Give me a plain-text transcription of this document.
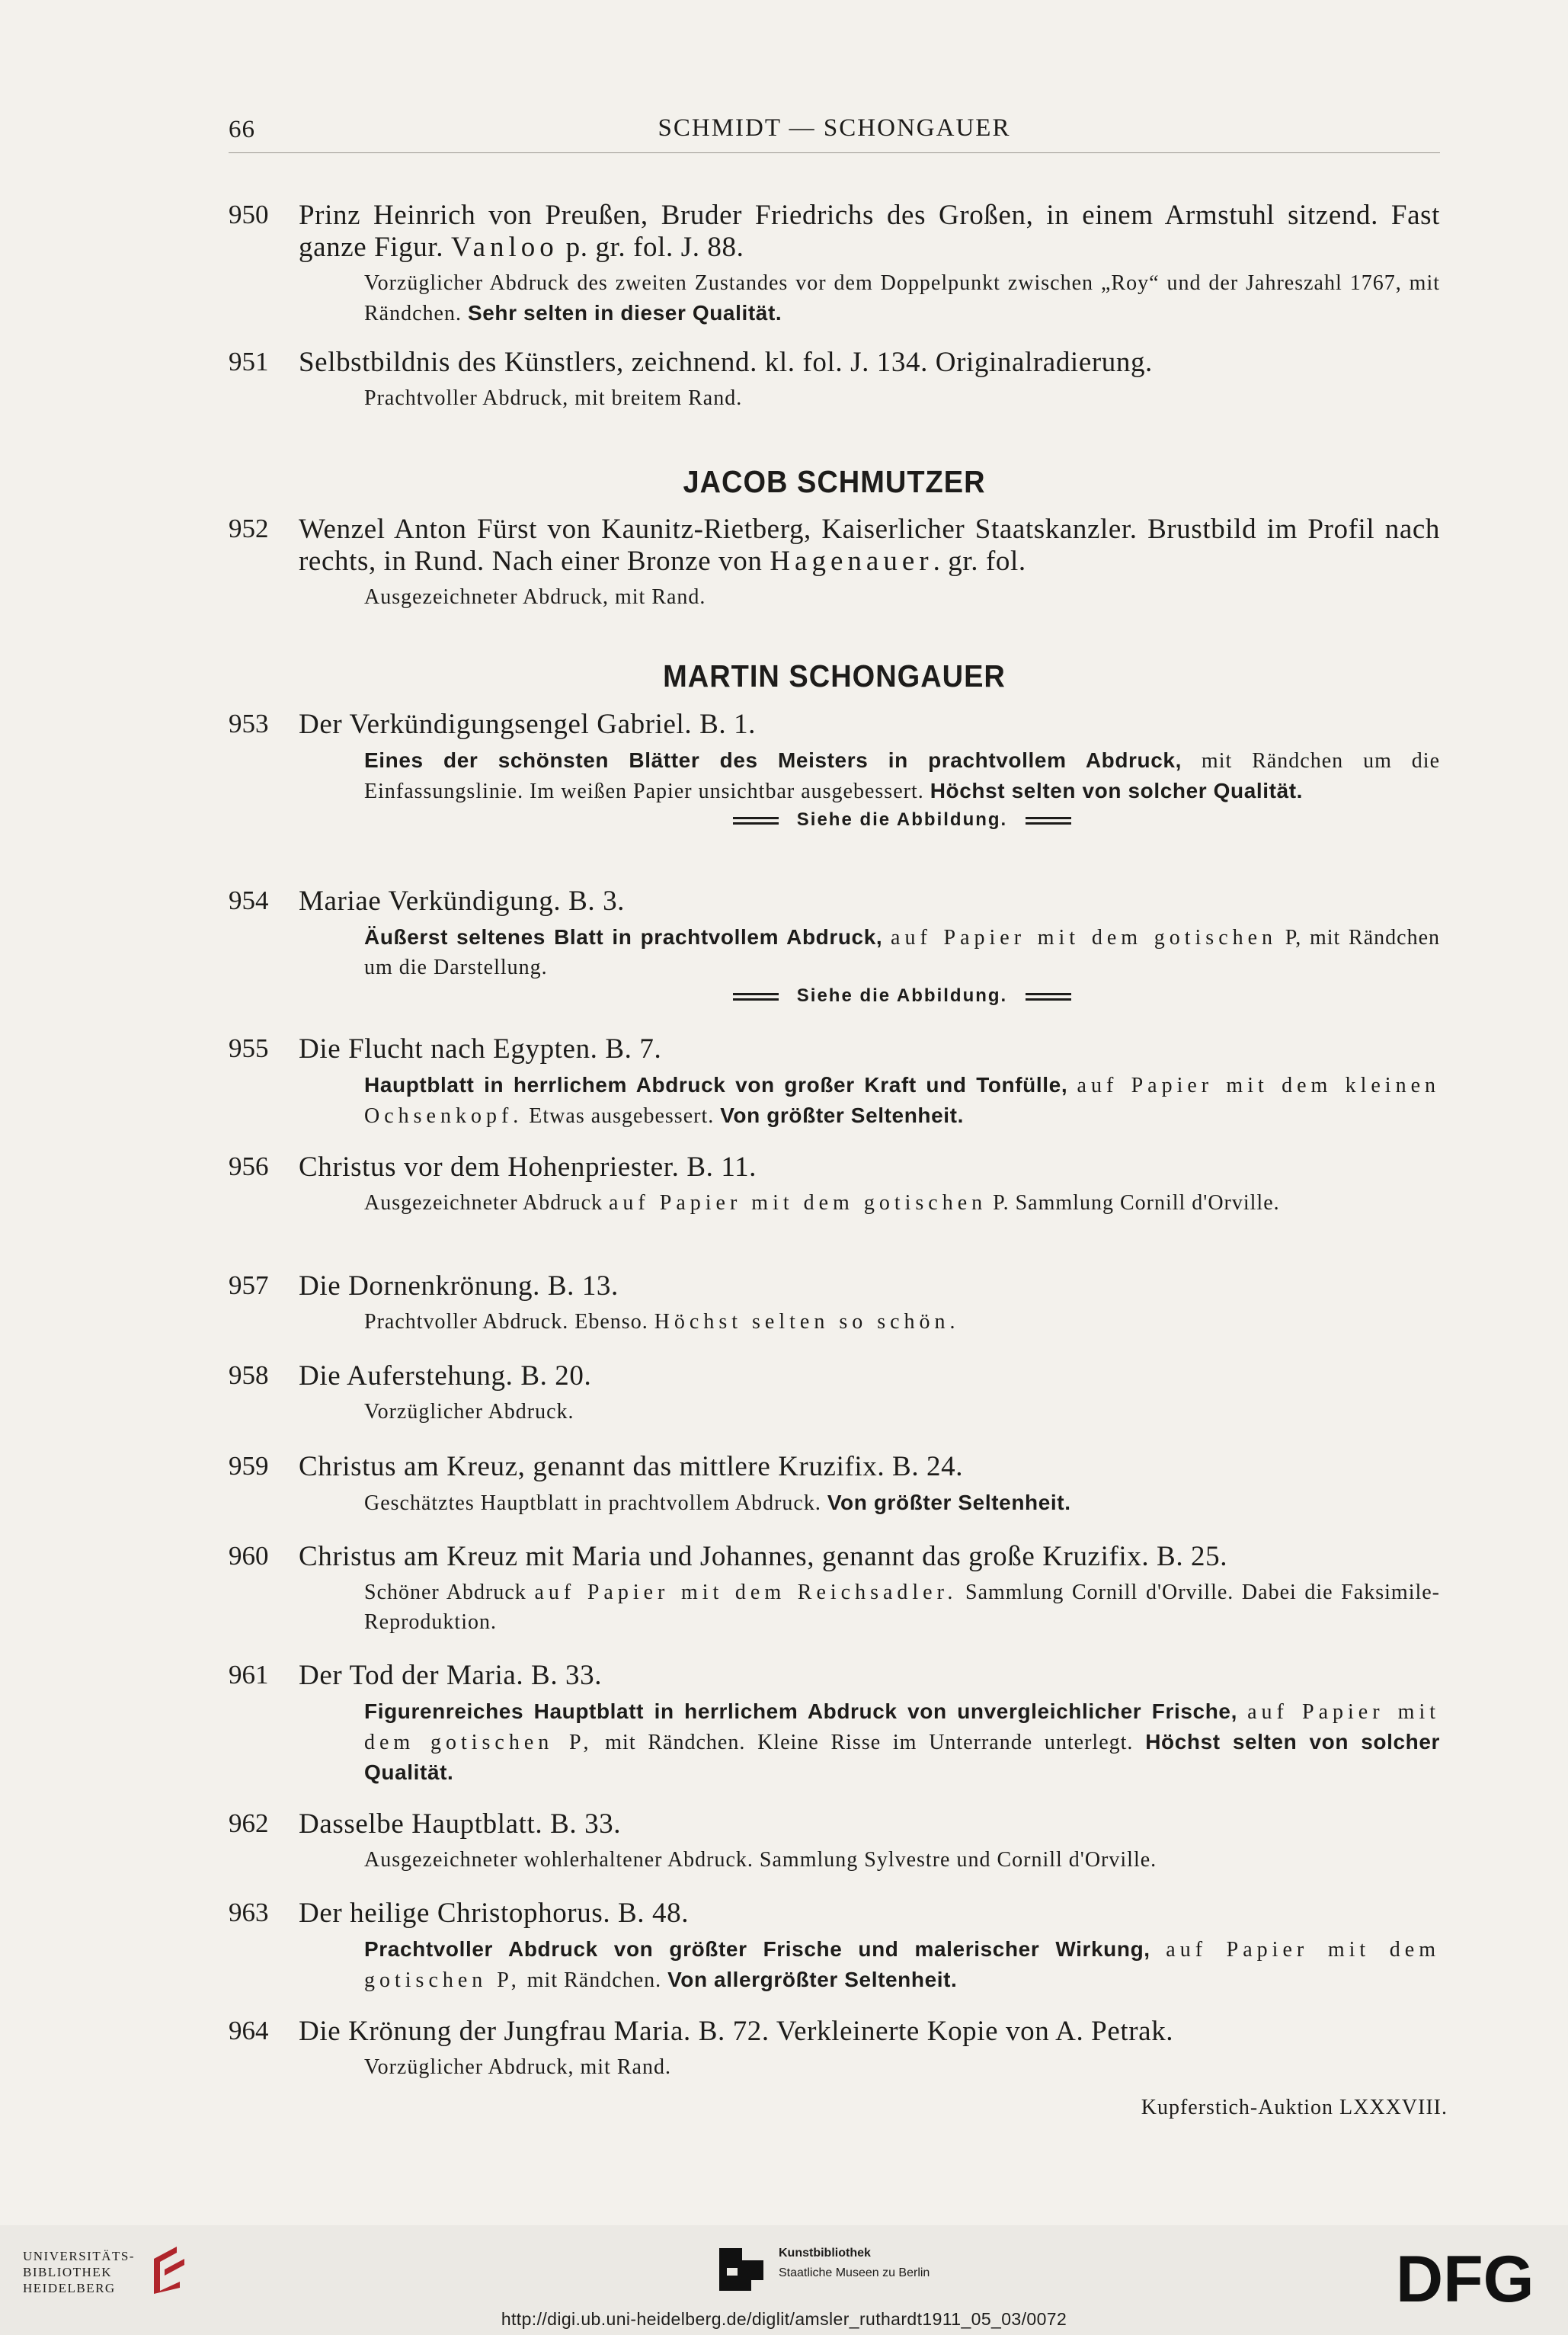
66	SCHMIDT — SCHONGAUER
950	Prinz Heinrich von Preußen, Bruder Friedrichs des Großen, in einem Armstuhl sitzend. Fast ganze Figur. Vanloo p. gr. fol. J. 88.
Vorzüglicher Abdruck des zweiten Zustandes vor dem Doppelpunkt zwischen „Roy“ und der Jahreszahl 1767, mit Rändchen. Sehr selten in dieser Qualität.
951	Selbstbildnis des Künstlers, zeichnend. kl. fol. J. 134. Originalradierung.
Prachtvoller Abdruck, mit breitem Rand.
JACOB SCHMUTZER
952	Wenzel Anton Fürst von Kaunitz-Rietberg, Kaiserlicher Staatskanzler. Brustbild im Profil nach rechts, in Rund. Nach einer Bronze von Hagenauer. gr. fol.
Ausgezeichneter Abdruck, mit Rand.
MARTIN SCHONGAUER
953	Der Verkündigungsengel Gabriel. B. 1.
Eines der schönsten Blätter des Meisters in prachtvollem Abdruck, mit Rändchen um die Einfassungslinie. Im weißen Papier unsichtbar ausgebessert. Höchst selten von solcher Qualität.
Siehe die Abbildung.
954	Mariae Verkündigung. B. 3.
Äußerst seltenes Blatt in prachtvollem Abdruck, auf Papier mit dem gotischen P, mit Rändchen um die Darstellung.
Siehe die Abbildung.
955	Die Flucht nach Egypten. B. 7.
Hauptblatt in herrlichem Abdruck von großer Kraft und Tonfülle, auf Papier mit dem kleinen Ochsenkopf. Etwas ausgebessert. Von größter Seltenheit.
956	Christus vor dem Hohenpriester. B. 11.
Ausgezeichneter Abdruck auf Papier mit dem gotischen P. Sammlung Cornill d'Orville.
957	Die Dornenkrönung. B. 13.
Prachtvoller Abdruck. Ebenso. Höchst selten so schön.
958	Die Auferstehung. B. 20.
Vorzüglicher Abdruck.
959	Christus am Kreuz, genannt das mittlere Kruzifix. B. 24.
Geschätztes Hauptblatt in prachtvollem Abdruck. Von größter Seltenheit.
960	Christus am Kreuz mit Maria und Johannes, genannt das große Kruzifix. B. 25.
Schöner Abdruck auf Papier mit dem Reichsadler. Sammlung Cornill d'Orville. Dabei die Faksimile-Reproduktion.
961	Der Tod der Maria. B. 33.
Figurenreiches Hauptblatt in herrlichem Abdruck von unvergleichlicher Frische, auf Papier mit dem gotischen P, mit Rändchen. Kleine Risse im Unterrande unterlegt. Höchst selten von solcher Qualität.
962	Dasselbe Hauptblatt. B. 33.
Ausgezeichneter wohlerhaltener Abdruck. Sammlung Sylvestre und Cornill d'Orville.
963	Der heilige Christophorus. B. 48.
Prachtvoller Abdruck von größter Frische und malerischer Wirkung, auf Papier mit dem gotischen P, mit Rändchen. Von allergrößter Seltenheit.
964	Die Krönung der Jungfrau Maria. B. 72. Verkleinerte Kopie von A. Petrak.
Vorzüglicher Abdruck, mit Rand.
Kupferstich-Auktion LXXXVIII.
UNIVERSITÄTS-
BIBLIOTHEK
HEIDELBERG
Kunstbibliothek
Staatliche Museen zu Berlin	DFG
http://digi.ub.uni-heidelberg.de/diglit/amsler_ruthardt1911_05_03/0072
